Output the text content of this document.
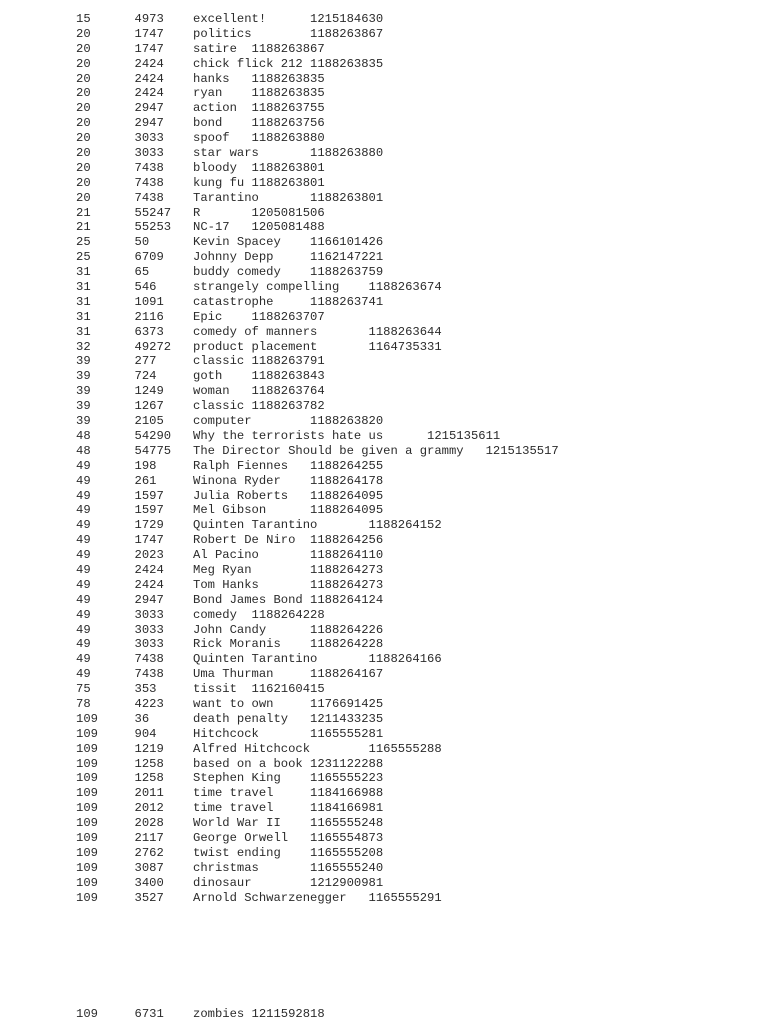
15      4973    excellent!      1215184630
20      1747    politics        1188263867
20      1747    satire  1188263867
20      2424    chick flick 212 1188263835
20      2424    hanks   1188263835
20      2424    ryan    1188263835
20      2947    action  1188263755
20      2947    bond    1188263756
20      3033    spoof   1188263880
20      3033    star wars       1188263880
20      7438    bloody  1188263801
20      7438    kung fu 1188263801
20      7438    Tarantino       1188263801
21      55247   R       1205081506
21      55253   NC-17   1205081488
25      50      Kevin Spacey    1166101426
25      6709    Johnny Depp     1162147221
31      65      buddy comedy    1188263759
31      546     strangely compelling    1188263674
31      1091    catastrophe     1188263741
31      2116    Epic    1188263707
31      6373    comedy of manners       1188263644
32      49272   product placement       1164735331
39      277     classic 1188263791
39      724     goth    1188263843
39      1249    woman   1188263764
39      1267    classic 1188263782
39      2105    computer        1188263820
48      54290   Why the terrorists hate us      1215135611
48      54775   The Director Should be given a grammy   1215135517
49      198     Ralph Fiennes   1188264255
49      261     Winona Ryder    1188264178
49      1597    Julia Roberts   1188264095
49      1597    Mel Gibson      1188264095
49      1729    Quinten Tarantino       1188264152
49      1747    Robert De Niro  1188264256
49      2023    Al Pacino       1188264110
49      2424    Meg Ryan        1188264273
49      2424    Tom Hanks       1188264273
49      2947    Bond James Bond 1188264124
49      3033    comedy  1188264228
49      3033    John Candy      1188264226
49      3033    Rick Moranis    1188264228
49      7438    Quinten Tarantino       1188264166
49      7438    Uma Thurman     1188264167
75      353     tissit  1162160415
78      4223    want to own     1176691425
109     36      death penalty   1211433235
109     904     Hitchcock       1165555281
109     1219    Alfred Hitchcock        1165555288
109     1258    based on a book 1231122288
109     1258    Stephen King    1165555223
109     2011    time travel     1184166988
109     2012    time travel     1184166981
109     2028    World War II    1165555248
109     2117    George Orwell   1165554873
109     2762    twist ending    1165555208
109     3087    christmas       1165555240
109     3400    dinosaur        1212900981
109     3527    Arnold Schwarzenegger   1165555291
109     6731    zombies 1211592818
